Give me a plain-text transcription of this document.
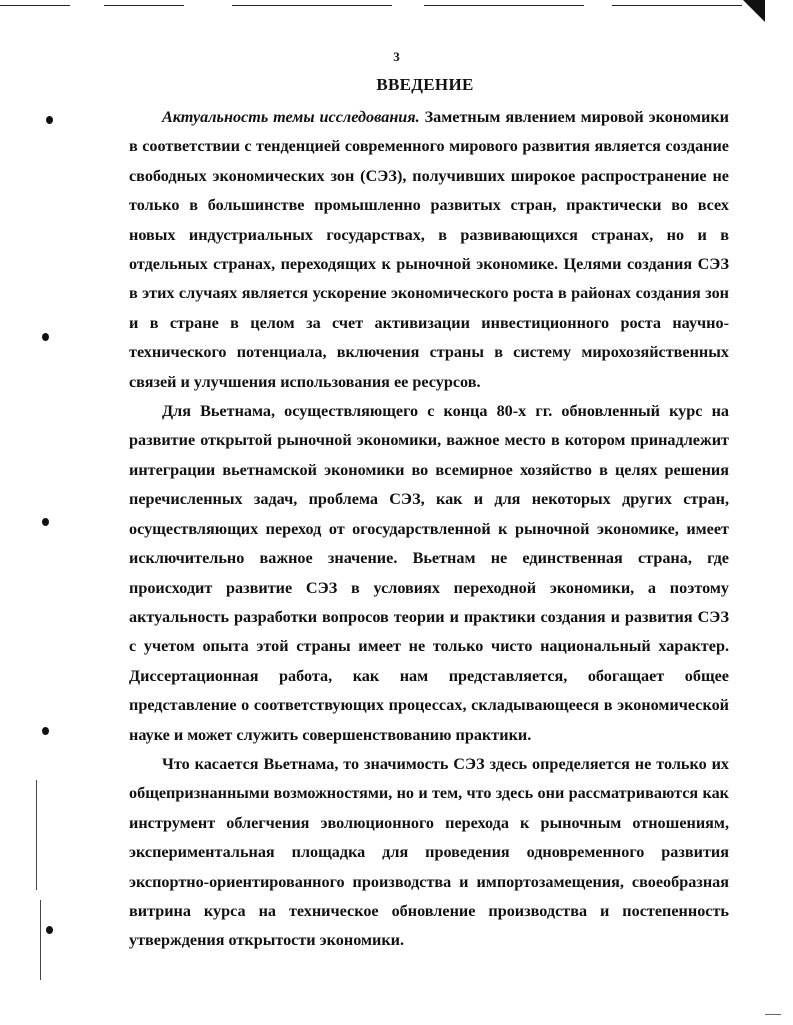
3
ВВЕДЕНИЕ

Актуальность темы исследования. Заметным явлением мировой экономики в соответствии с тенденцией современного мирового развития является создание свободных экономических зон (СЭЗ), получивших широкое распространение не только в большинстве промышленно развитых стран, практически во всех новых индустриальных государствах, в развивающихся странах, но и в отдельных странах, переходящих к рыночной экономике. Целями создания СЭЗ в этих случаях является ускорение экономического роста в районах создания зон и в стране в целом за счет активизации инвестиционного роста научно-технического потенциала, включения страны в систему мирохозяйственных связей и улучшения использования ее ресурсов.

Для Вьетнама, осуществляющего с конца 80-х гг. обновленный курс на развитие открытой рыночной экономики, важное место в котором принадлежит интеграции вьетнамской экономики во всемирное хозяйство в целях решения перечисленных задач, проблема СЭЗ, как и для некоторых других стран, осуществляющих переход от огосударствленной к рыночной экономике, имеет исключительно важное значение. Вьетнам не единственная страна, где происходит развитие СЭЗ в условиях переходной экономики, а поэтому актуальность разработки вопросов теории и практики создания и развития СЭЗ с учетом опыта этой страны имеет не только чисто национальный характер. Диссертационная работа, как нам представляется, обогащает общее представление о соответствующих процессах, складывающееся в экономической науке и может служить совершенствованию практики.

Что касается Вьетнама, то значимость СЭЗ здесь определяется не только их общепризнанными возможностями, но и тем, что здесь они рассматриваются как инструмент облегчения эволюционного перехода к рыночным отношениям, экспериментальная площадка для проведения одновременного развития экспортно-ориентированного производства и импортозамещения, своеобразная витрина курса на техническое обновление производства и постепенность утверждения открытости экономики.
